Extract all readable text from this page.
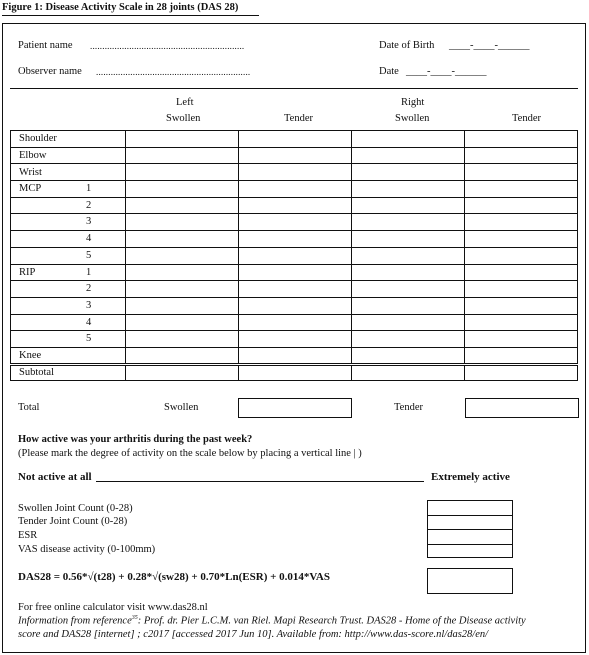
Figure 1: Disease Activity Scale in 28 joints (DAS 28)
Patient name ...............................................................
Observer name ...............................................................
Date of Birth ____-____-______
Date ____-____-______
Left	Right
Swollen	Tender	Swollen	Tender
Shoulder

Elbow

Wrist

MCP 1				

2				

3				

4				

5				

RIP 1				

2				

3				

4				

5				

Knee

Subtotal

Total	Swollen	Tender
How active was your arthritis during the past week?
(Please mark the degree of activity on the scale below by placing a vertical line | )
Not active at all	Extremely active
Swollen Joint Count (0-28)
Tender Joint Count (0-28)
ESR
VAS disease activity (0-100mm)
DAS28 = 0.56*√(t28) + 0.28*√(sw28) + 0.70*Ln(ESR) + 0.014*VAS
For free online calculator visit www.das28.nl
Information from reference$^{35}$: Prof. dr. Pier L.C.M. van Riel. Mapi Research Trust. DAS28 - Home of the Disease activity
score and DAS28 [internet] ; c2017 [accessed 2017 Jun 10]. Available from: http://www.das-score.nl/das28/en/
